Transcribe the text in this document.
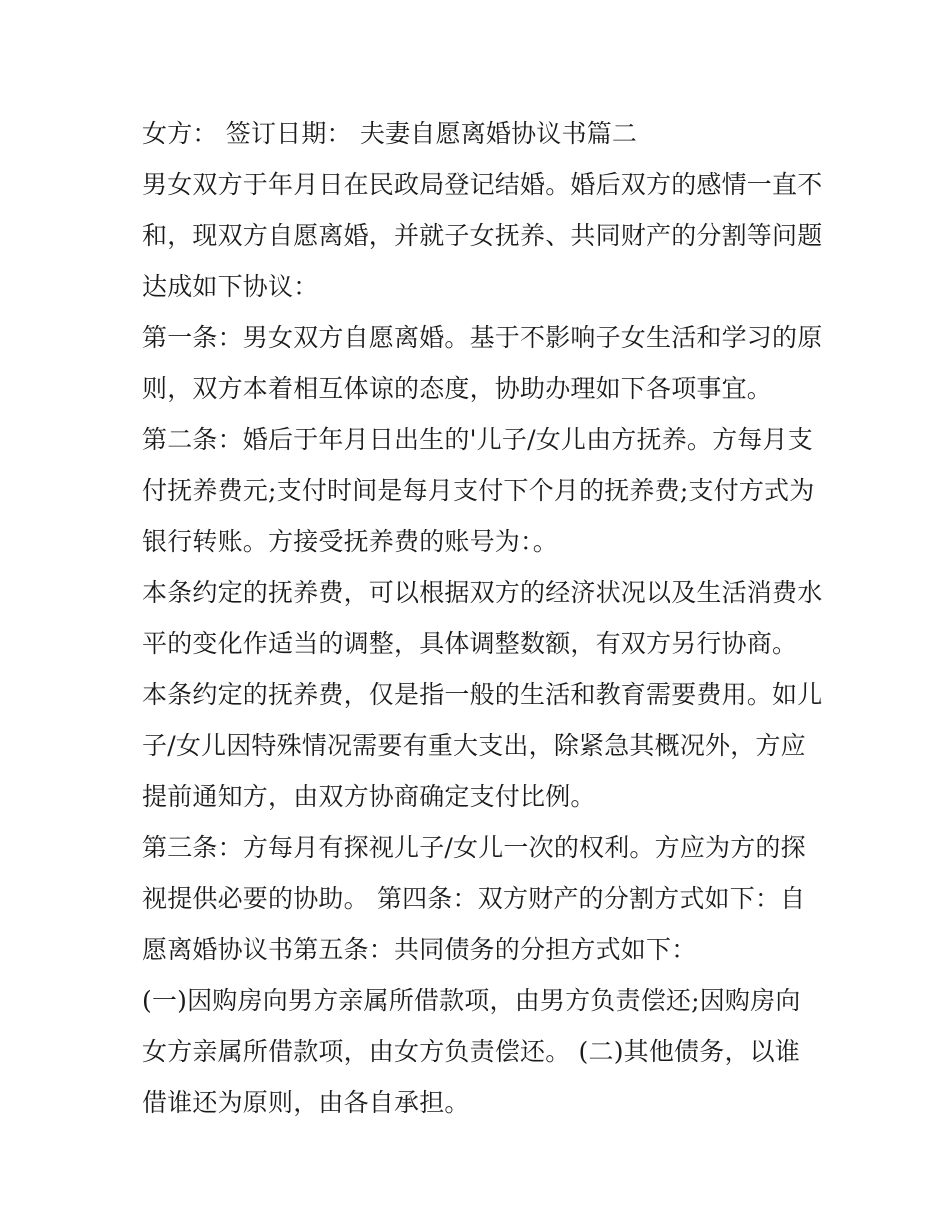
女方： 签订日期： 夫妻自愿离婚协议书篇二

男女双方于年月日在民政局登记结婚。婚后双方的感情一直不

和，现双方自愿离婚，并就子女抚养、共同财产的分割等问题

达成如下协议：

第一条：男女双方自愿离婚。基于不影响子女生活和学习的原

则，双方本着相互体谅的态度，协助办理如下各项事宜。

第二条：婚后于年月日出生的'儿子/女儿由方抚养。方每月支

付抚养费元;支付时间是每月支付下个月的抚养费;支付方式为

银行转账。方接受抚养费的账号为：。

本条约定的抚养费，可以根据双方的经济状况以及生活消费水

平的变化作适当的调整，具体调整数额，有双方另行协商。

本条约定的抚养费，仅是指一般的生活和教育需要费用。如儿

子/女儿因特殊情况需要有重大支出，除紧急其概况外，方应

提前通知方，由双方协商确定支付比例。

第三条：方每月有探视儿子/女儿一次的权利。方应为方的探

视提供必要的协助。 第四条：双方财产的分割方式如下：自

愿离婚协议书第五条：共同债务的分担方式如下：

(一)因购房向男方亲属所借款项，由男方负责偿还;因购房向

女方亲属所借款项，由女方负责偿还。 (二)其他债务，以谁

借谁还为原则，由各自承担。
